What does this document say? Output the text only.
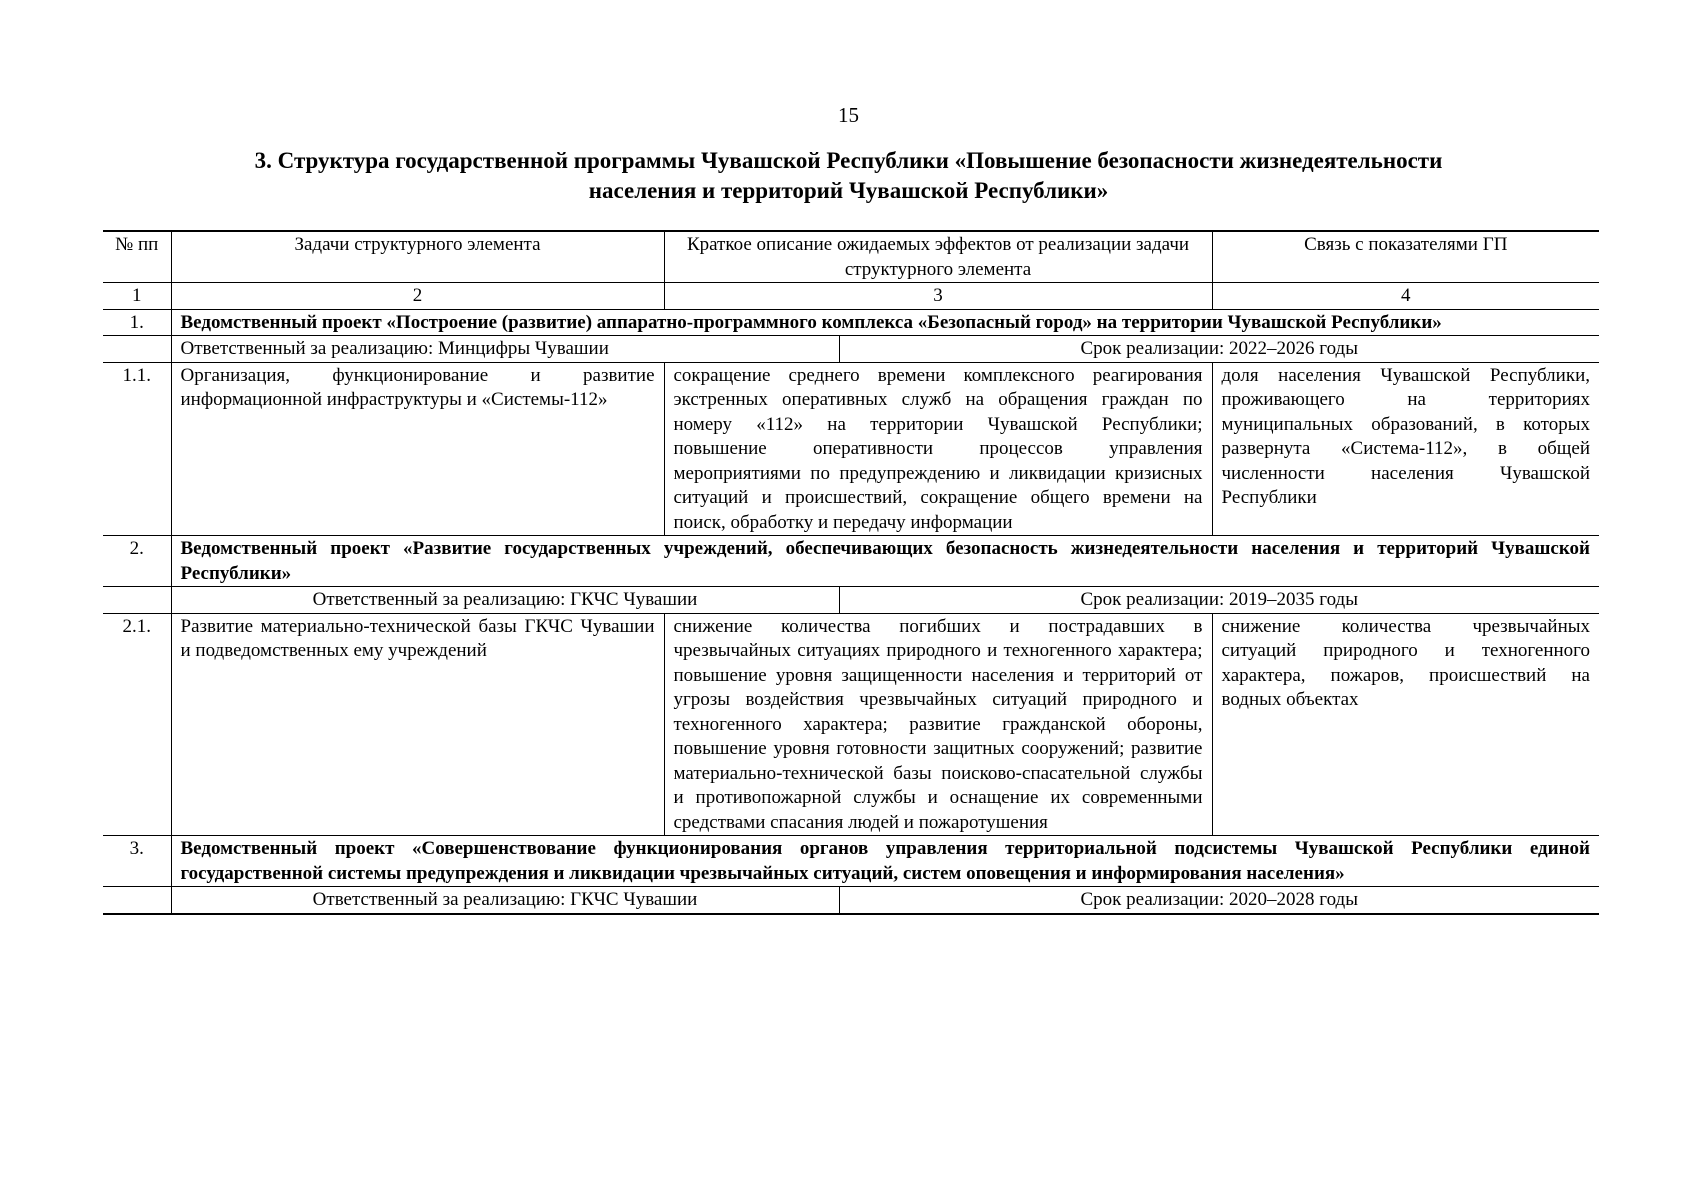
15
3. Структура государственной программы Чувашской Республики «Повышение безопасности жизнедеятельности
населения и территорий Чувашской Республики»
№ пп	Задачи структурного элемента	Краткое описание ожидаемых эффектов от реализации задачи структурного элемента	Связь с показателями ГП
1	2	3	4
1.	Ведомственный проект «Построение (развитие) аппаратно-программного комплекса «Безопасный город» на территории Чувашской Республики»		

	Ответственный за реализацию: Минцифры Чувашии Срок реализации: 2022–2026 годы		

1.1.	Организация, функционирование и развитие информационной инфраструктуры и «Системы-112»	сокращение среднего времени комплексного реагирования экстренных оперативных служб на обращения граждан по номеру «112» на территории Чувашской Республики; повышение оперативности процессов управления мероприятиями по предупреждению и ликвидации кризисных ситуаций и происшествий, сокращение общего времени на поиск, обработку и передачу информации	доля населения Чувашской Республики, проживающего на территориях муниципальных образований, в которых развернута «Система-112», в общей численности населения Чувашской Республики
2.	Ведомственный проект «Развитие государственных учреждений, обеспечивающих безопасность жизнедеятельности населения и территорий Чувашской Республики»		

	Ответственный за реализацию: ГКЧС Чувашии Срок реализации: 2019–2035 годы		

2.1.	Развитие материально-технической базы ГКЧС Чувашии и подведомственных ему учреждений	снижение количества погибших и пострадавших в чрезвычайных ситуациях природного и техногенного характера; повышение уровня защищенности населения и территорий от угрозы воздействия чрезвычайных ситуаций природного и техногенного характера; развитие гражданской обороны, повышение уровня готовности защитных сооружений; развитие материально-технической базы поисково-спасательной службы и противопожарной службы и оснащение их современными средствами спасания людей и пожаротушения	снижение количества чрезвычайных ситуаций природного и техногенного характера, пожаров, происшествий на водных объектах
3.	Ведомственный проект «Совершенствование функционирования органов управления территориальной подсистемы Чувашской Республики единой государственной системы предупреждения и ликвидации чрезвычайных ситуаций, систем оповещения и информирования населения»		

	Ответственный за реализацию: ГКЧС Чувашии Срок реализации: 2020–2028 годы		
